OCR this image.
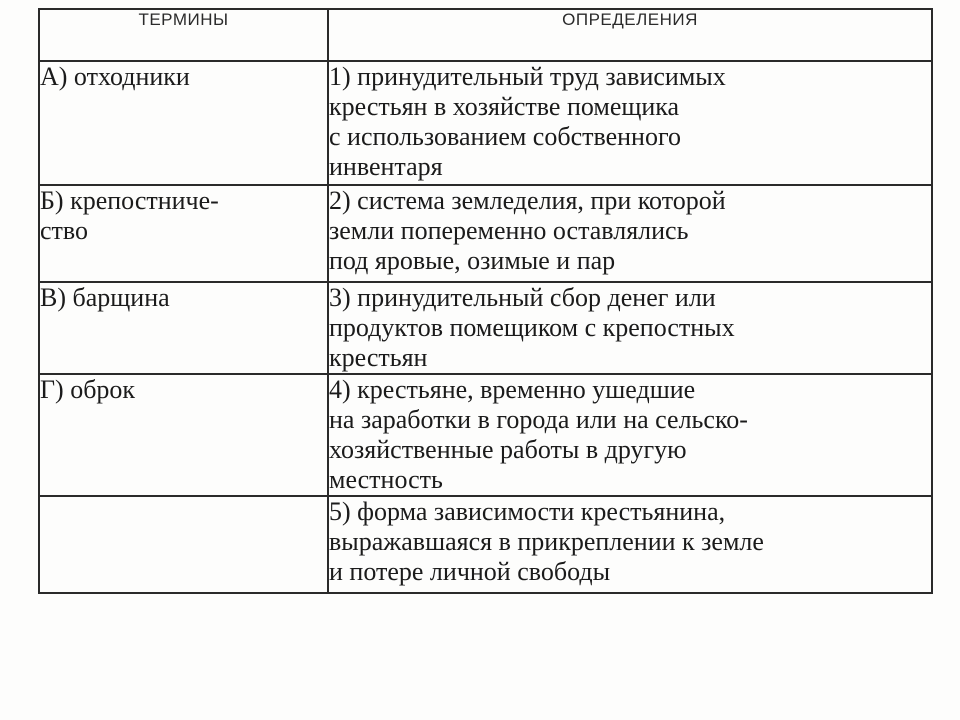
ТЕРМИНЫ	ОПРЕДЕЛЕНИЯ

А) отходники	1) принудительный труд зависимых
крестьян в хозяйстве помещика
с использованием собственного
инвентаря

Б) крепостниче-
ство	2) система земледелия, при которой
земли попеременно оставлялись
под яровые, озимые и пар

В) барщина	3) принудительный сбор денег или
продуктов помещиком с крепостных
крестьян

Г) оброк	4) крестьяне, временно ушедшие
на заработки в города или на сельско-
хозяйственные работы в другую
местность

	5) форма зависимости крестьянина,
выражавшаяся в прикреплении к земле
и потере личной свободы
